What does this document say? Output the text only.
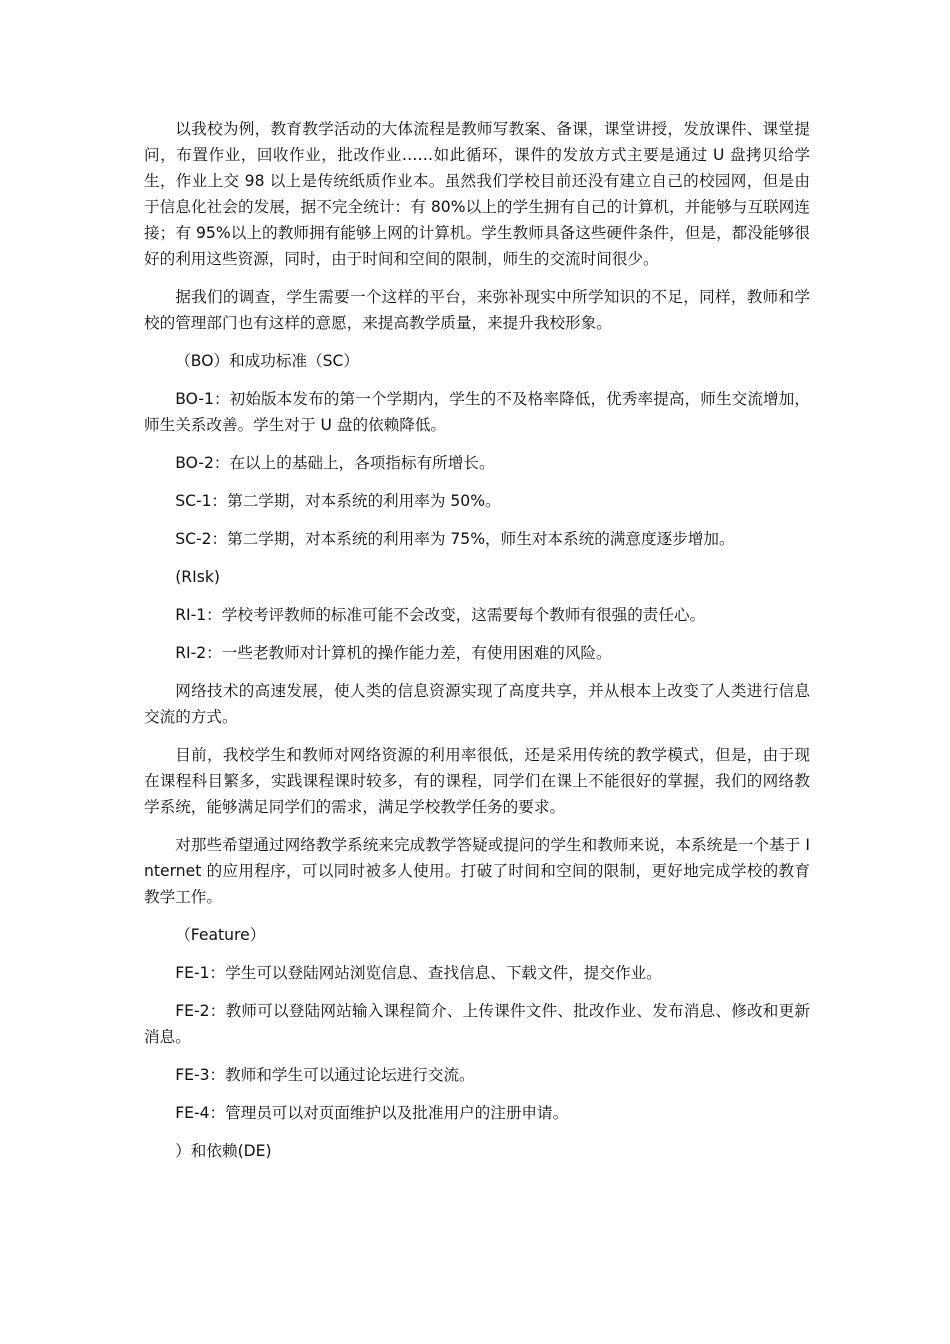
以我校为例，教育教学活动的大体流程是教师写教案、备课，课堂讲授，发放课件、课堂提问，布置作业，回收作业，批改作业……如此循环，课件的发放方式主要是通过 U 盘拷贝给学生，作业上交 98 以上是传统纸质作业本。虽然我们学校目前还没有建立自己的校园网，但是由于信息化社会的发展，据不完全统计：有 80%以上的学生拥有自己的计算机，并能够与互联网连接；有 95%以上的教师拥有能够上网的计算机。学生教师具备这些硬件条件，但是，都没能够很好的利用这些资源，同时，由于时间和空间的限制，师生的交流时间很少。

据我们的调查，学生需要一个这样的平台，来弥补现实中所学知识的不足，同样，教师和学校的管理部门也有这样的意愿，来提高教学质量，来提升我校形象。

（BO）和成功标准（SC）

BO-1：初始版本发布的第一个学期内，学生的不及格率降低，优秀率提高，师生交流增加，师生关系改善。学生对于 U 盘的依赖降低。

BO-2：在以上的基础上，各项指标有所增长。

SC-1：第二学期，对本系统的利用率为 50%。

SC-2：第二学期，对本系统的利用率为 75%，师生对本系统的满意度逐步增加。

(RIsk)

RI-1：学校考评教师的标准可能不会改变，这需要每个教师有很强的责任心。

RI-2：一些老教师对计算机的操作能力差，有使用困难的风险。

网络技术的高速发展，使人类的信息资源实现了高度共享，并从根本上改变了人类进行信息交流的方式。

目前，我校学生和教师对网络资源的利用率很低，还是采用传统的教学模式，但是，由于现在课程科目繁多，实践课程课时较多，有的课程，同学们在课上不能很好的掌握，我们的网络教学系统，能够满足同学们的需求，满足学校教学任务的要求。

对那些希望通过网络教学系统来完成教学答疑或提问的学生和教师来说，本系统是一个基于 Internet 的应用程序，可以同时被多人使用。打破了时间和空间的限制，更好地完成学校的教育教学工作。

（Feature）

FE-1：学生可以登陆网站浏览信息、查找信息、下载文件，提交作业。

FE-2：教师可以登陆网站输入课程简介、上传课件文件、批改作业、发布消息、修改和更新消息。

FE-3：教师和学生可以通过论坛进行交流。

FE-4：管理员可以对页面维护以及批准用户的注册申请。

）和依赖(DE)
